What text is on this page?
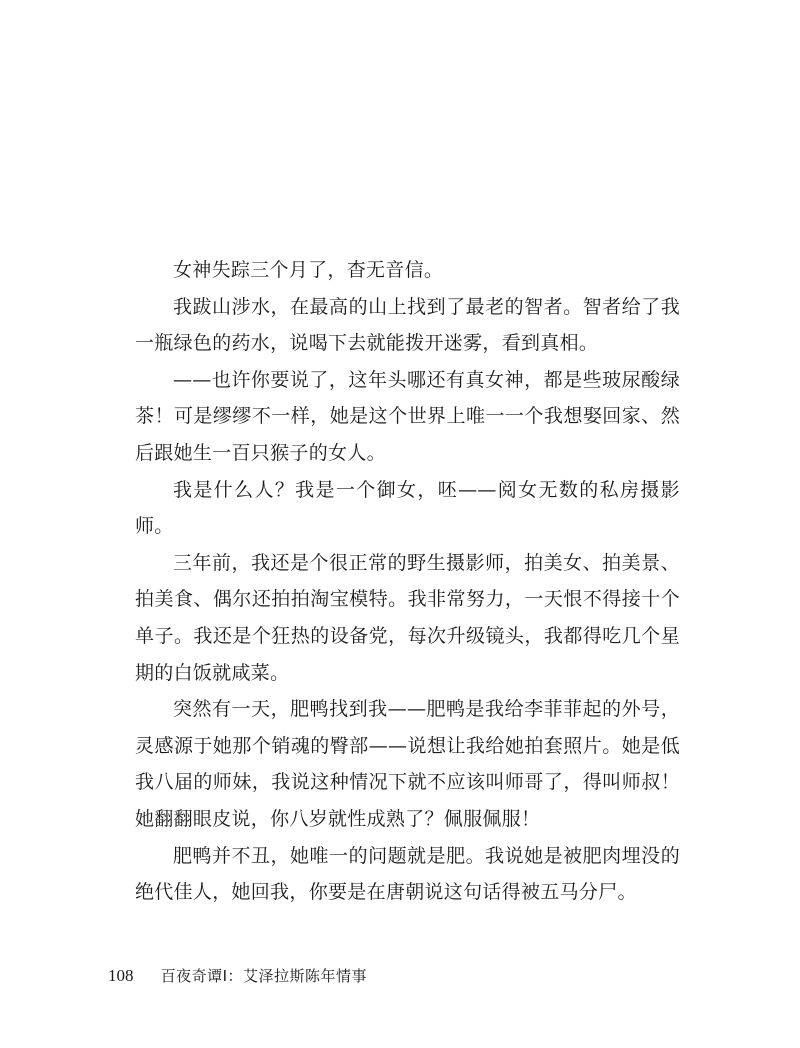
女神失踪三个月了，杳无音信。

我跋山涉水，在最高的山上找到了最老的智者。智者给了我一瓶绿色的药水，说喝下去就能拨开迷雾，看到真相。

——也许你要说了，这年头哪还有真女神，都是些玻尿酸绿茶！可是缪缪不一样，她是这个世界上唯一一个我想娶回家、然后跟她生一百只猴子的女人。

我是什么人？我是一个御女，呸——阅女无数的私房摄影师。

三年前，我还是个很正常的野生摄影师，拍美女、拍美景、拍美食、偶尔还拍拍淘宝模特。我非常努力，一天恨不得接十个单子。我还是个狂热的设备党，每次升级镜头，我都得吃几个星期的白饭就咸菜。

突然有一天，肥鸭找到我——肥鸭是我给李菲菲起的外号，灵感源于她那个销魂的臀部——说想让我给她拍套照片。她是低我八届的师妹，我说这种情况下就不应该叫师哥了，得叫师叔！她翻翻眼皮说，你八岁就性成熟了？佩服佩服！

肥鸭并不丑，她唯一的问题就是肥。我说她是被肥肉埋没的绝代佳人，她回我，你要是在唐朝说这句话得被五马分尸。

108 百夜奇谭Ⅰ：艾泽拉斯陈年情事
